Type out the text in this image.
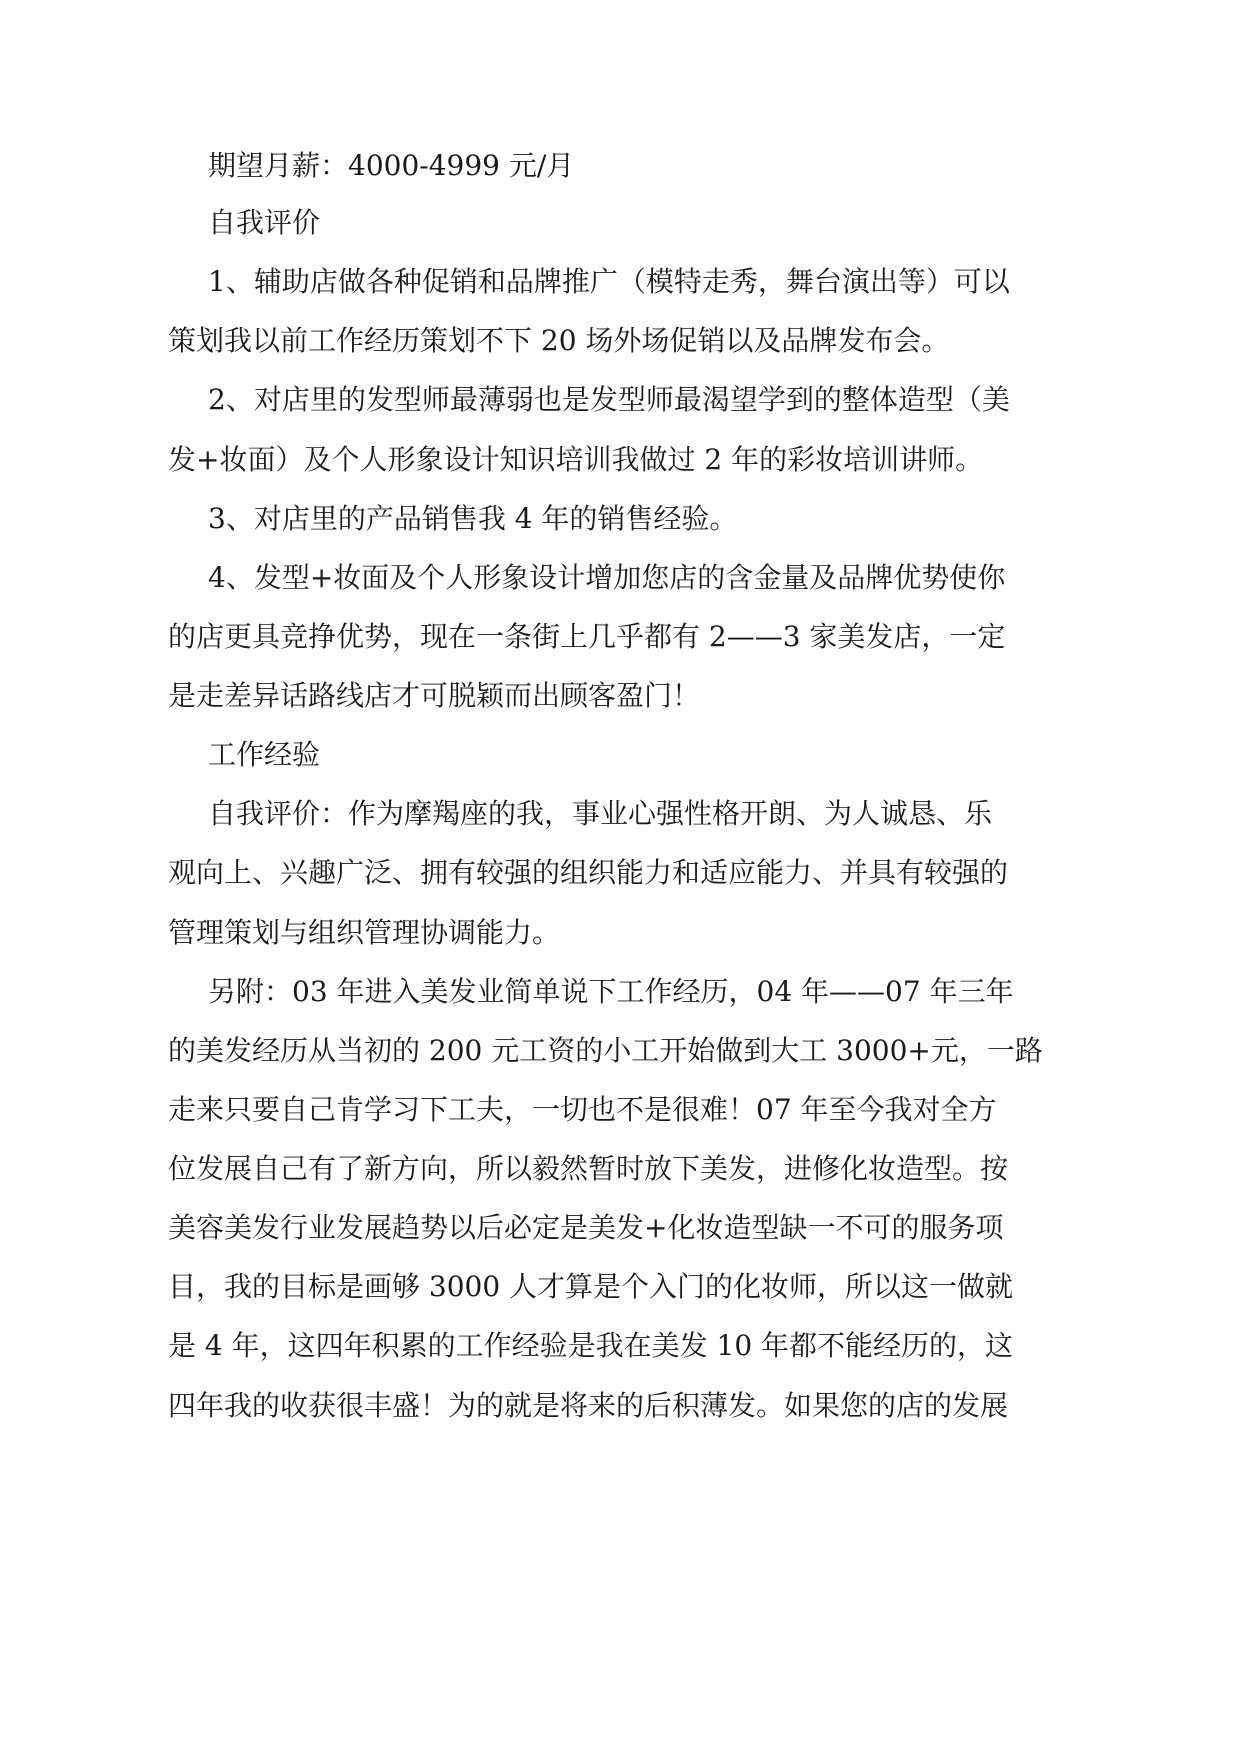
期望月薪：4000-4999 元/月
自我评价
1、辅助店做各种促销和品牌推广（模特走秀，舞台演出等）可以
策划我以前工作经历策划不下 20 场外场促销以及品牌发布会。
2、对店里的发型师最薄弱也是发型师最渴望学到的整体造型（美
发+妆面）及个人形象设计知识培训我做过 2 年的彩妆培训讲师。
3、对店里的产品销售我 4 年的销售经验。
4、发型+妆面及个人形象设计增加您店的含金量及品牌优势使你
的店更具竞挣优势，现在一条街上几乎都有 2——3 家美发店，一定
是走差异话路线店才可脱颖而出顾客盈门！
工作经验
自我评价：作为摩羯座的我，事业心强性格开朗、为人诚恳、乐
观向上、兴趣广泛、拥有较强的组织能力和适应能力、并具有较强的
管理策划与组织管理协调能力。
另附：03 年进入美发业简单说下工作经历，04 年——07 年三年
的美发经历从当初的 200 元工资的小工开始做到大工 3000+元，一路
走来只要自己肯学习下工夫，一切也不是很难！07 年至今我对全方
位发展自己有了新方向，所以毅然暂时放下美发，进修化妆造型。按
美容美发行业发展趋势以后必定是美发+化妆造型缺一不可的服务项
目，我的目标是画够 3000 人才算是个入门的化妆师，所以这一做就
是 4 年，这四年积累的工作经验是我在美发 10 年都不能经历的，这
四年我的收获很丰盛！为的就是将来的后积薄发。如果您的店的发展
